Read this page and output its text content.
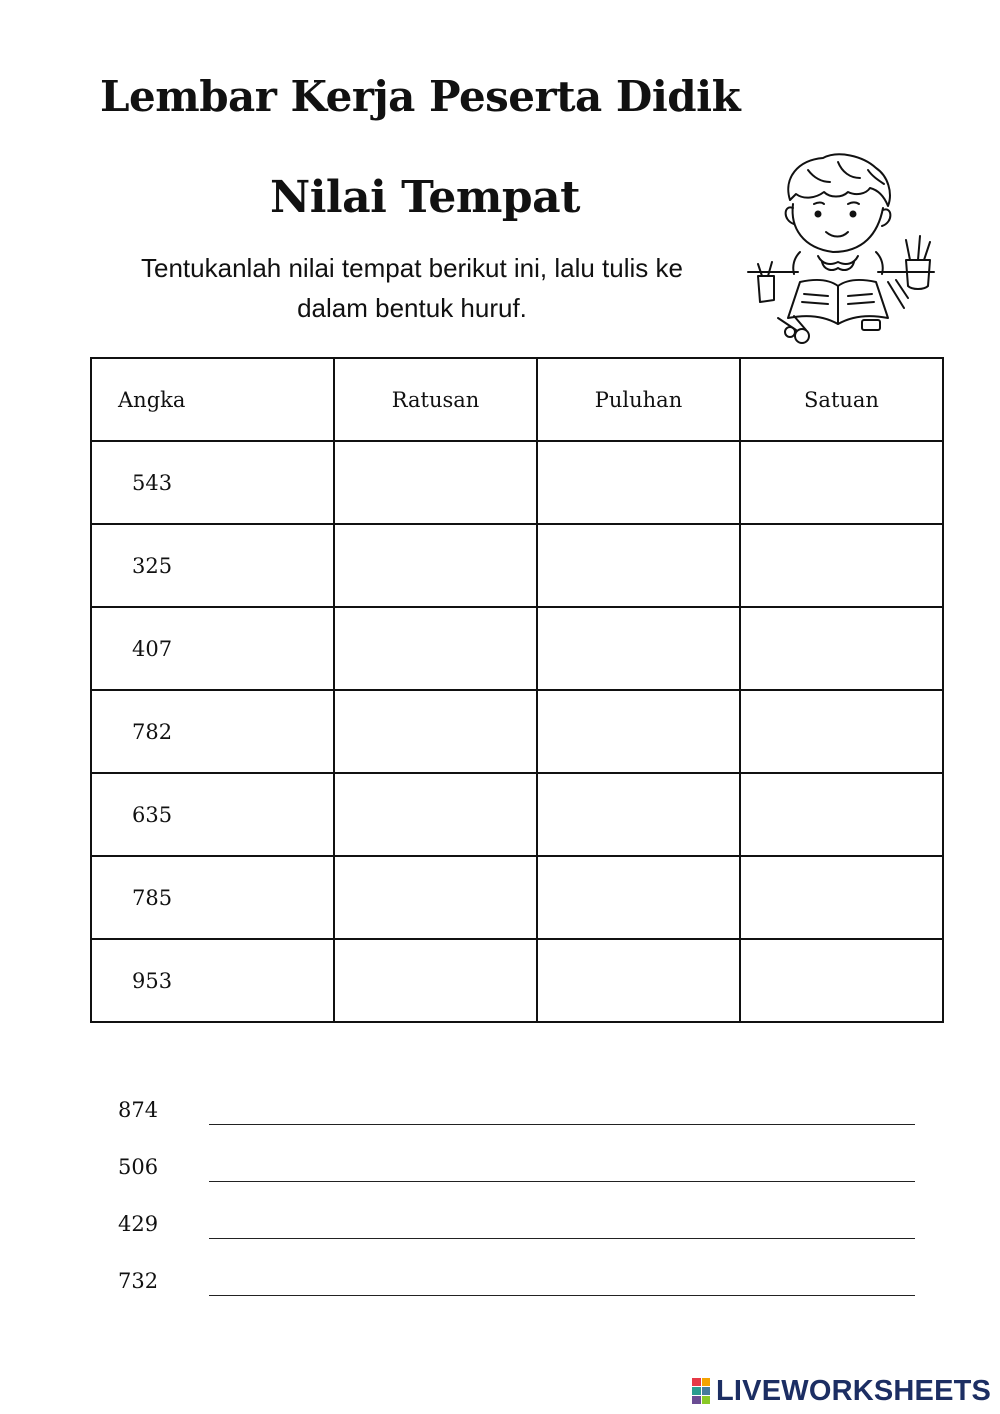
Lembar Kerja Peserta Didik
Nilai Tempat
Tentukanlah nilai tempat berikut ini, lalu tulis ke
dalam bentuk huruf.
Angka	Ratusan	Puluhan	Satuan
543			
325			
407			
782			
635			
785			
953			
874
506
429
732
LIVEWORKSHEETS
